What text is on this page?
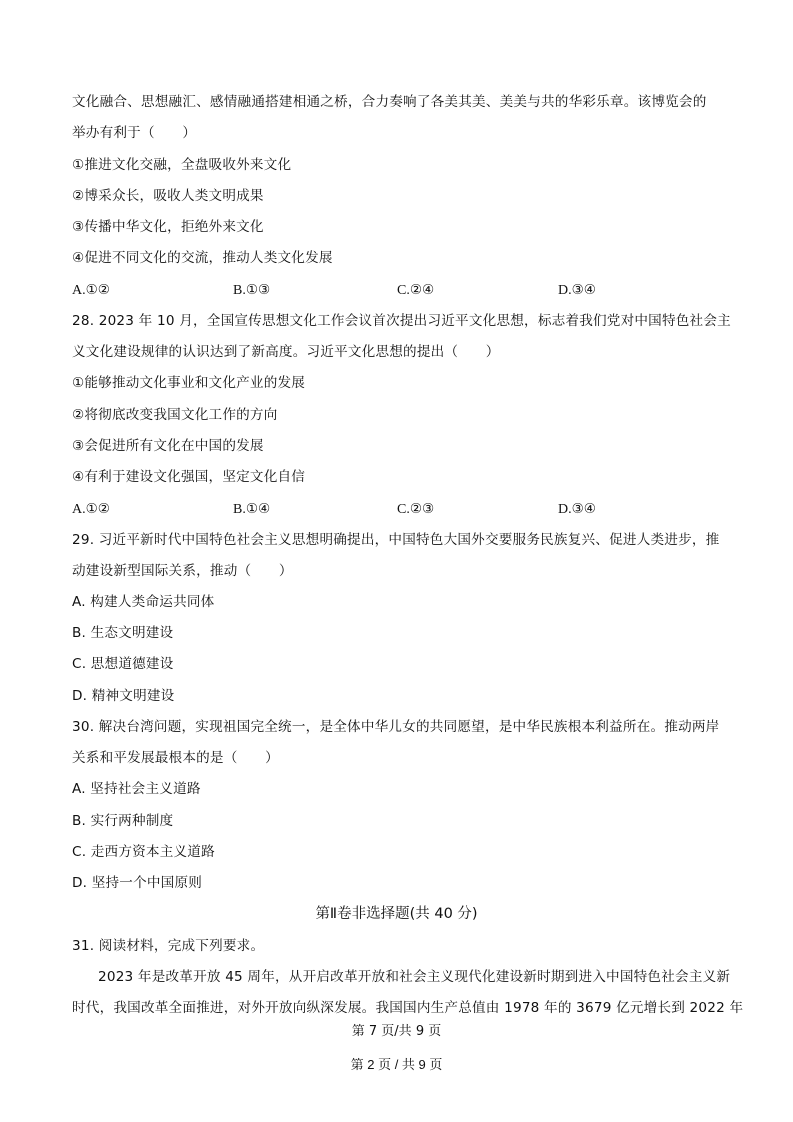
文化融合、思想融汇、感情融通搭建相通之桥，合力奏响了各美其美、美美与共的华彩乐章。该博览会的
举办有利于（　　）
①推进文化交融，全盘吸收外来文化
②博采众长，吸收人类文明成果
③传播中华文化，拒绝外来文化
④促进不同文化的交流，推动人类文化发展
A.①②	B.①③	C.②④	D.③④
28. 2023 年 10 月，全国宣传思想文化工作会议首次提出习近平文化思想，标志着我们党对中国特色社会主
义文化建设规律的认识达到了新高度。习近平文化思想的提出（　　）
①能够推动文化事业和文化产业的发展
②将彻底改变我国文化工作的方向
③会促进所有文化在中国的发展
④有利于建设文化强国，坚定文化自信
A.①②	B.①④	C.②③	D.③④
29. 习近平新时代中国特色社会主义思想明确提出，中国特色大国外交要服务民族复兴、促进人类进步，推
动建设新型国际关系，推动（　　）
A. 构建人类命运共同体
B. 生态文明建设
C. 思想道德建设
D. 精神文明建设
30. 解决台湾问题，实现祖国完全统一，是全体中华儿女的共同愿望，是中华民族根本利益所在。推动两岸
关系和平发展最根本的是（　　）
A. 坚持社会主义道路
B. 实行两种制度
C. 走西方资本主义道路
D. 坚持一个中国原则
第Ⅱ卷非选择题(共 40 分)
31. 阅读材料，完成下列要求。
2023 年是改革开放 45 周年，从开启改革开放和社会主义现代化建设新时期到进入中国特色社会主义新
时代，我国改革全面推进，对外开放向纵深发展。我国国内生产总值由 1978 年的 3679 亿元增长到 2022 年
第 7 页/共 9 页
第 2 页 / 共 9 页
